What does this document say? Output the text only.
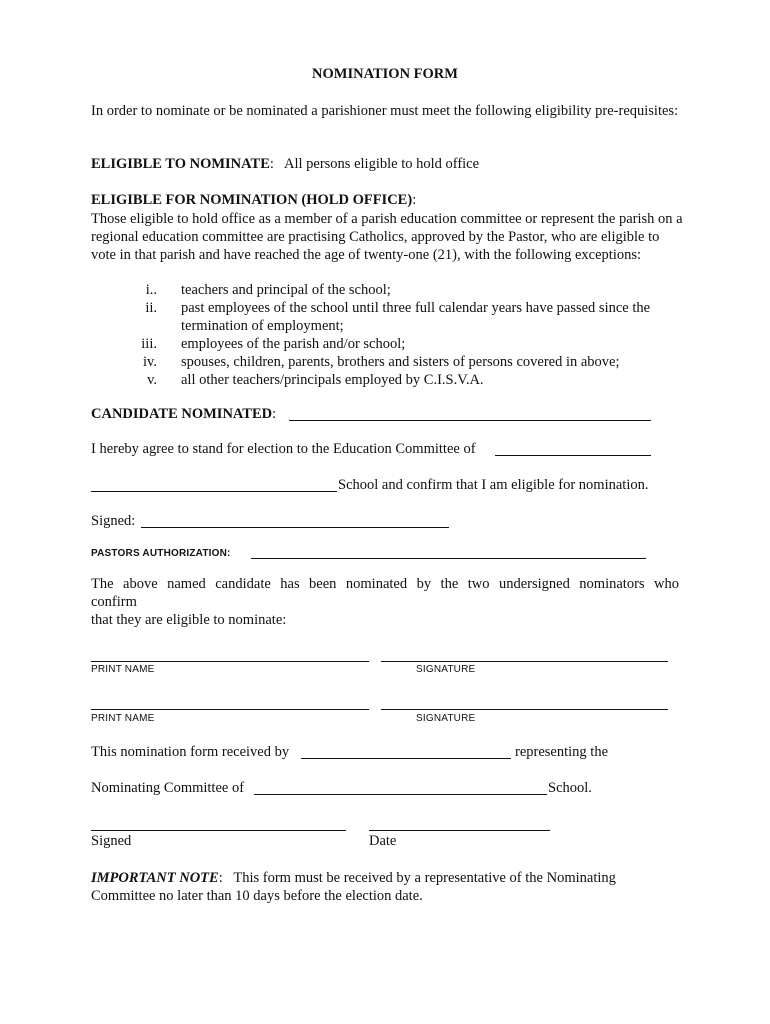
NOMINATION FORM
In order to nominate or be nominated a parishioner must meet the following eligibility pre-requisites:
ELIGIBLE TO NOMINATE:   All persons eligible to hold office
ELIGIBLE FOR NOMINATION (HOLD OFFICE):
Those eligible to hold office as a member of a parish education committee or represent the parish on a regional education committee are practising Catholics, approved by the Pastor, who are eligible to vote in that parish and have reached the age of twenty-one (21), with the following exceptions:
i.. teachers and principal of the school;
ii. past employees of the school until three full calendar years have passed since the
termination of employment;
iii. employees of the parish and/or school;
iv. spouses, children, parents, brothers and sisters of persons covered in above;
v. all other teachers/principals employed by C.I.S.V.A.
CANDIDATE NOMINATED:
I hereby agree to stand for election to the Education Committee of
School and confirm that I am eligible for nomination.
Signed:
PASTORS AUTHORIZATION:
The above named candidate has been nominated by the two undersigned nominators who
confirm
that they are eligible to nominate:
PRINT NAME	SIGNATURE
PRINT NAME	SIGNATURE
This nomination form received by	representing the
Nominating Committee of	School.
Signed	Date
IMPORTANT NOTE:   This form must be received by a representative of the Nominating Committee no later than 10 days before the election date.
